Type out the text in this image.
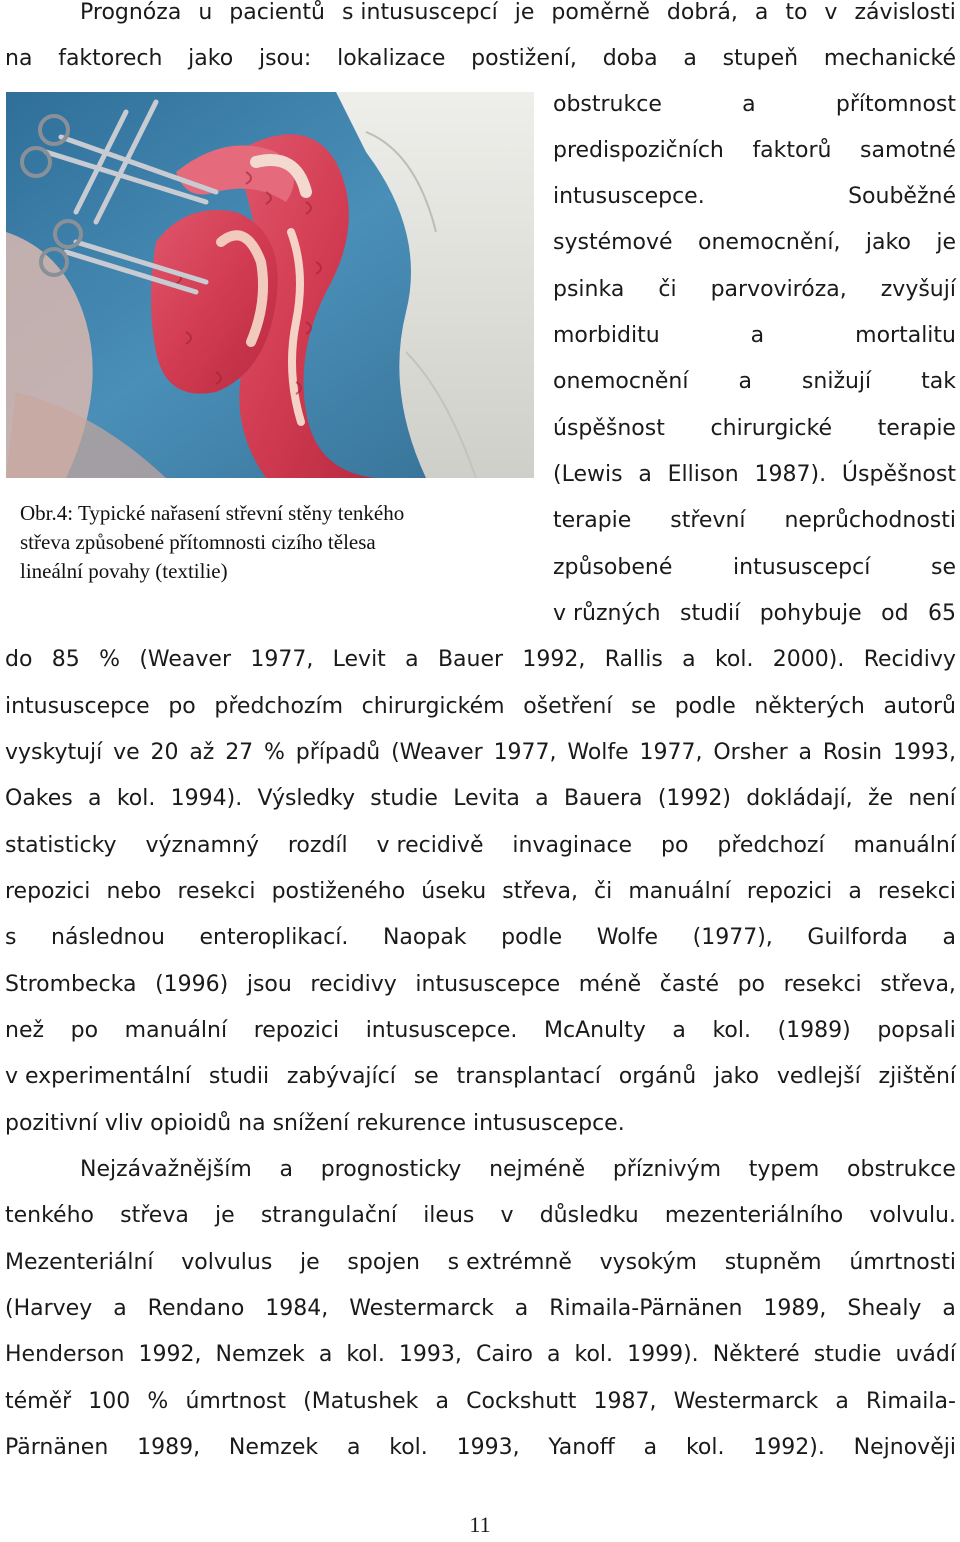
Obr.4: Typické nařasení střevní stěny tenkého
střeva způsobené přítomnosti cizího tělesa
lineální povahy (textilie)
Prognóza u pacientů s intususcepcí je poměrně dobrá, a to v závislosti
na faktorech jako jsou: lokalizace postižení, doba a stupeň mechanické
obstrukce	a	přítomnost
predispozičních faktorů samotné
intususcepce.	Souběžné
systémové onemocnění, jako je
psinka či parvoviróza, zvyšují
morbiditu	a	mortalitu
onemocnění a snižují tak
úspěšnost chirurgické terapie
(Lewis a Ellison 1987). Úspěšnost
terapie střevní neprůchodnosti
způsobené	intususcepcí	se
v různých studií pohybuje od 65
do 85 % (Weaver 1977, Levit a Bauer 1992, Rallis a kol. 2000). Recidivy
intususcepce po předchozím chirurgickém ošetření se podle některých autorů
vyskytují ve 20 až 27 % případů (Weaver 1977, Wolfe 1977, Orsher a Rosin 1993,
Oakes a kol. 1994). Výsledky studie Levita a Bauera (1992) dokládají, že není
statisticky významný rozdíl v recidivě invaginace po předchozí manuální
repozici nebo resekci postiženého úseku střeva, či manuální repozici a resekci
s následnou enteroplikací. Naopak podle Wolfe (1977), Guilforda a
Strombecka (1996) jsou recidivy intususcepce méně časté po resekci střeva,
než po manuální repozici intususcepce. McAnulty a kol. (1989) popsali
v experimentální studii zabývající se transplantací orgánů jako vedlejší zjištění
pozitivní vliv opioidů na snížení rekurence intususcepce.
Nejzávažnějším a prognosticky nejméně příznivým typem obstrukce
tenkého střeva je strangulační ileus v důsledku mezenteriálního volvulu.
Mezenteriální volvulus je spojen s extrémně vysokým stupněm úmrtnosti
(Harvey a Rendano 1984, Westermarck a Rimaila-Pärnänen 1989, Shealy a
Henderson 1992, Nemzek a kol. 1993, Cairo a kol. 1999). Některé studie uvádí
téměř 100 % úmrtnost (Matushek a Cockshutt 1987, Westermarck a Rimaila-
Pärnänen 1989, Nemzek a kol. 1993, Yanoff a kol. 1992). Nejnověji
11
